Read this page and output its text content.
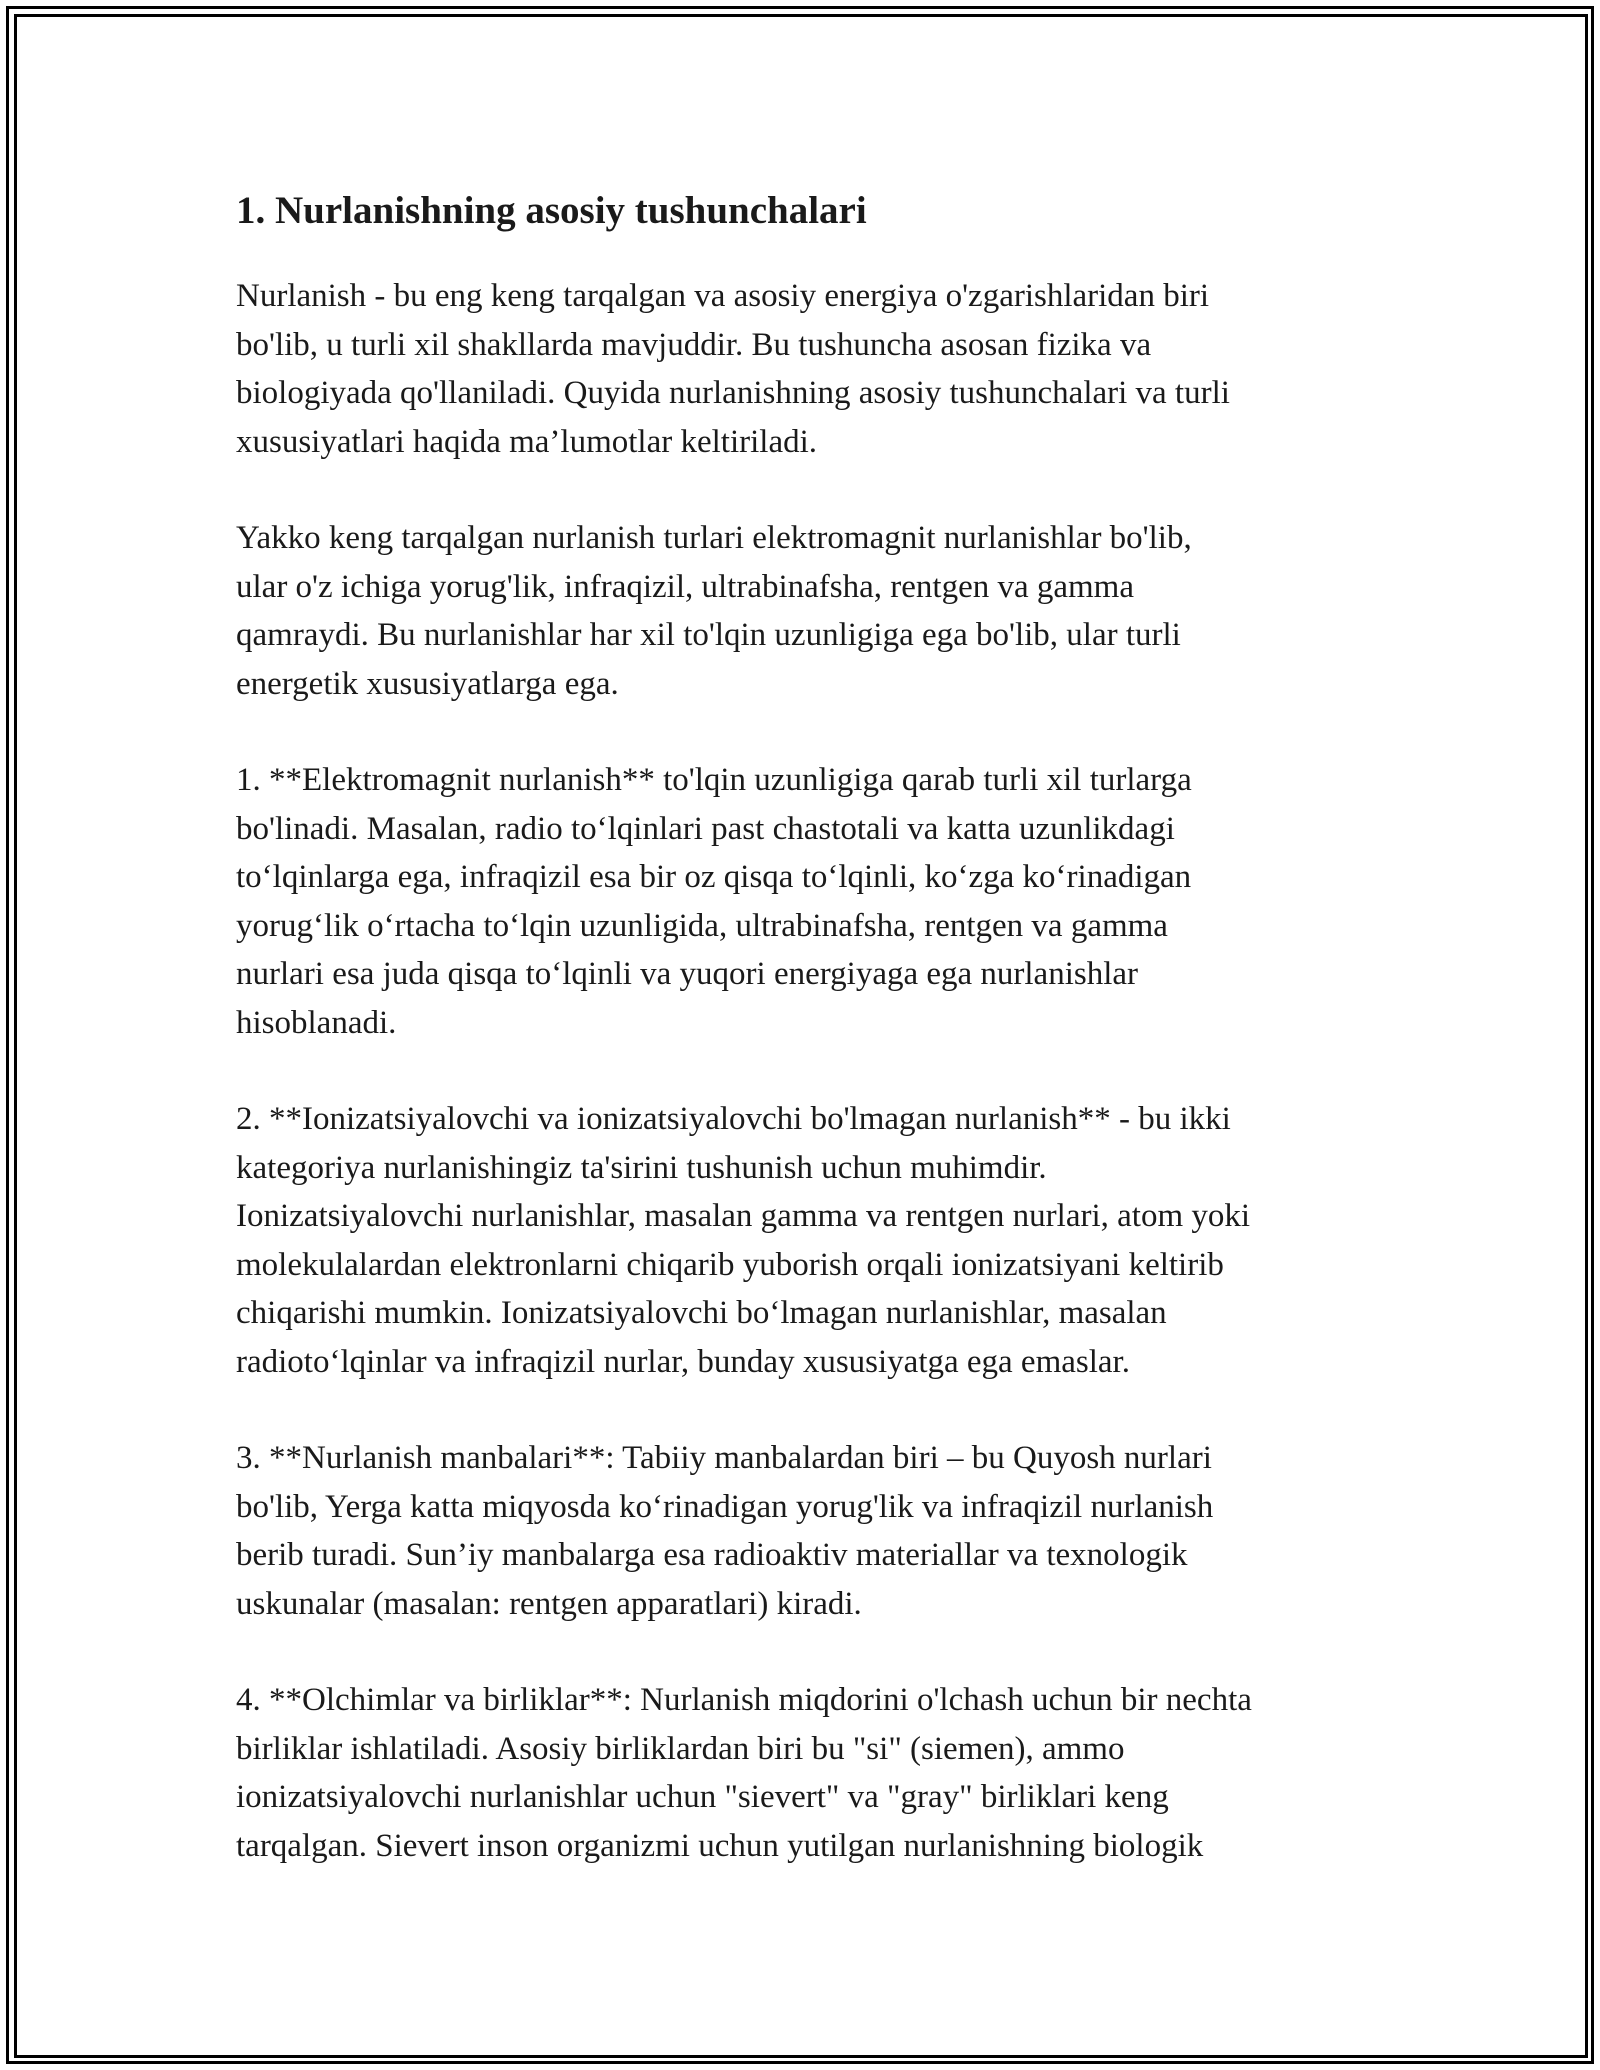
1. Nurlanishning asosiy tushunchalari

Nurlanish - bu eng keng tarqalgan va asosiy energiya o'zgarishlaridan biri
bo'lib, u turli xil shakllarda mavjuddir. Bu tushuncha asosan fizika va
biologiyada qo'llaniladi. Quyida nurlanishning asosiy tushunchalari va turli
xususiyatlari haqida ma’lumotlar keltiriladi.

Yakko keng tarqalgan nurlanish turlari elektromagnit nurlanishlar bo'lib,
ular o'z ichiga yorug'lik, infraqizil, ultrabinafsha, rentgen va gamma
qamraydi. Bu nurlanishlar har xil to'lqin uzunligiga ega bo'lib, ular turli
energetik xususiyatlarga ega.

1. **Elektromagnit nurlanish** to'lqin uzunligiga qarab turli xil turlarga
bo'linadi. Masalan, radio to‘lqinlari past chastotali va katta uzunlikdagi
to‘lqinlarga ega, infraqizil esa bir oz qisqa to‘lqinli, ko‘zga ko‘rinadigan
yorug‘lik o‘rtacha to‘lqin uzunligida, ultrabinafsha, rentgen va gamma
nurlari esa juda qisqa to‘lqinli va yuqori energiyaga ega nurlanishlar
hisoblanadi.

2. **Ionizatsiyalovchi va ionizatsiyalovchi bo'lmagan nurlanish** - bu ikki
kategoriya nurlanishingiz ta'sirini tushunish uchun muhimdir.
Ionizatsiyalovchi nurlanishlar, masalan gamma va rentgen nurlari, atom yoki
molekulalardan elektronlarni chiqarib yuborish orqali ionizatsiyani keltirib
chiqarishi mumkin. Ionizatsiyalovchi bo‘lmagan nurlanishlar, masalan
radioto‘lqinlar va infraqizil nurlar, bunday xususiyatga ega emaslar.

3. **Nurlanish manbalari**: Tabiiy manbalardan biri – bu Quyosh nurlari
bo'lib, Yerga katta miqyosda ko‘rinadigan yorug'lik va infraqizil nurlanish
berib turadi. Sun’iy manbalarga esa radioaktiv materiallar va texnologik
uskunalar (masalan: rentgen apparatlari) kiradi.

4. **Olchimlar va birliklar**: Nurlanish miqdorini o'lchash uchun bir nechta
birliklar ishlatiladi. Asosiy birliklardan biri bu "si" (siemen), ammo
ionizatsiyalovchi nurlanishlar uchun "sievert" va "gray" birliklari keng
tarqalgan. Sievert inson organizmi uchun yutilgan nurlanishning biologik
